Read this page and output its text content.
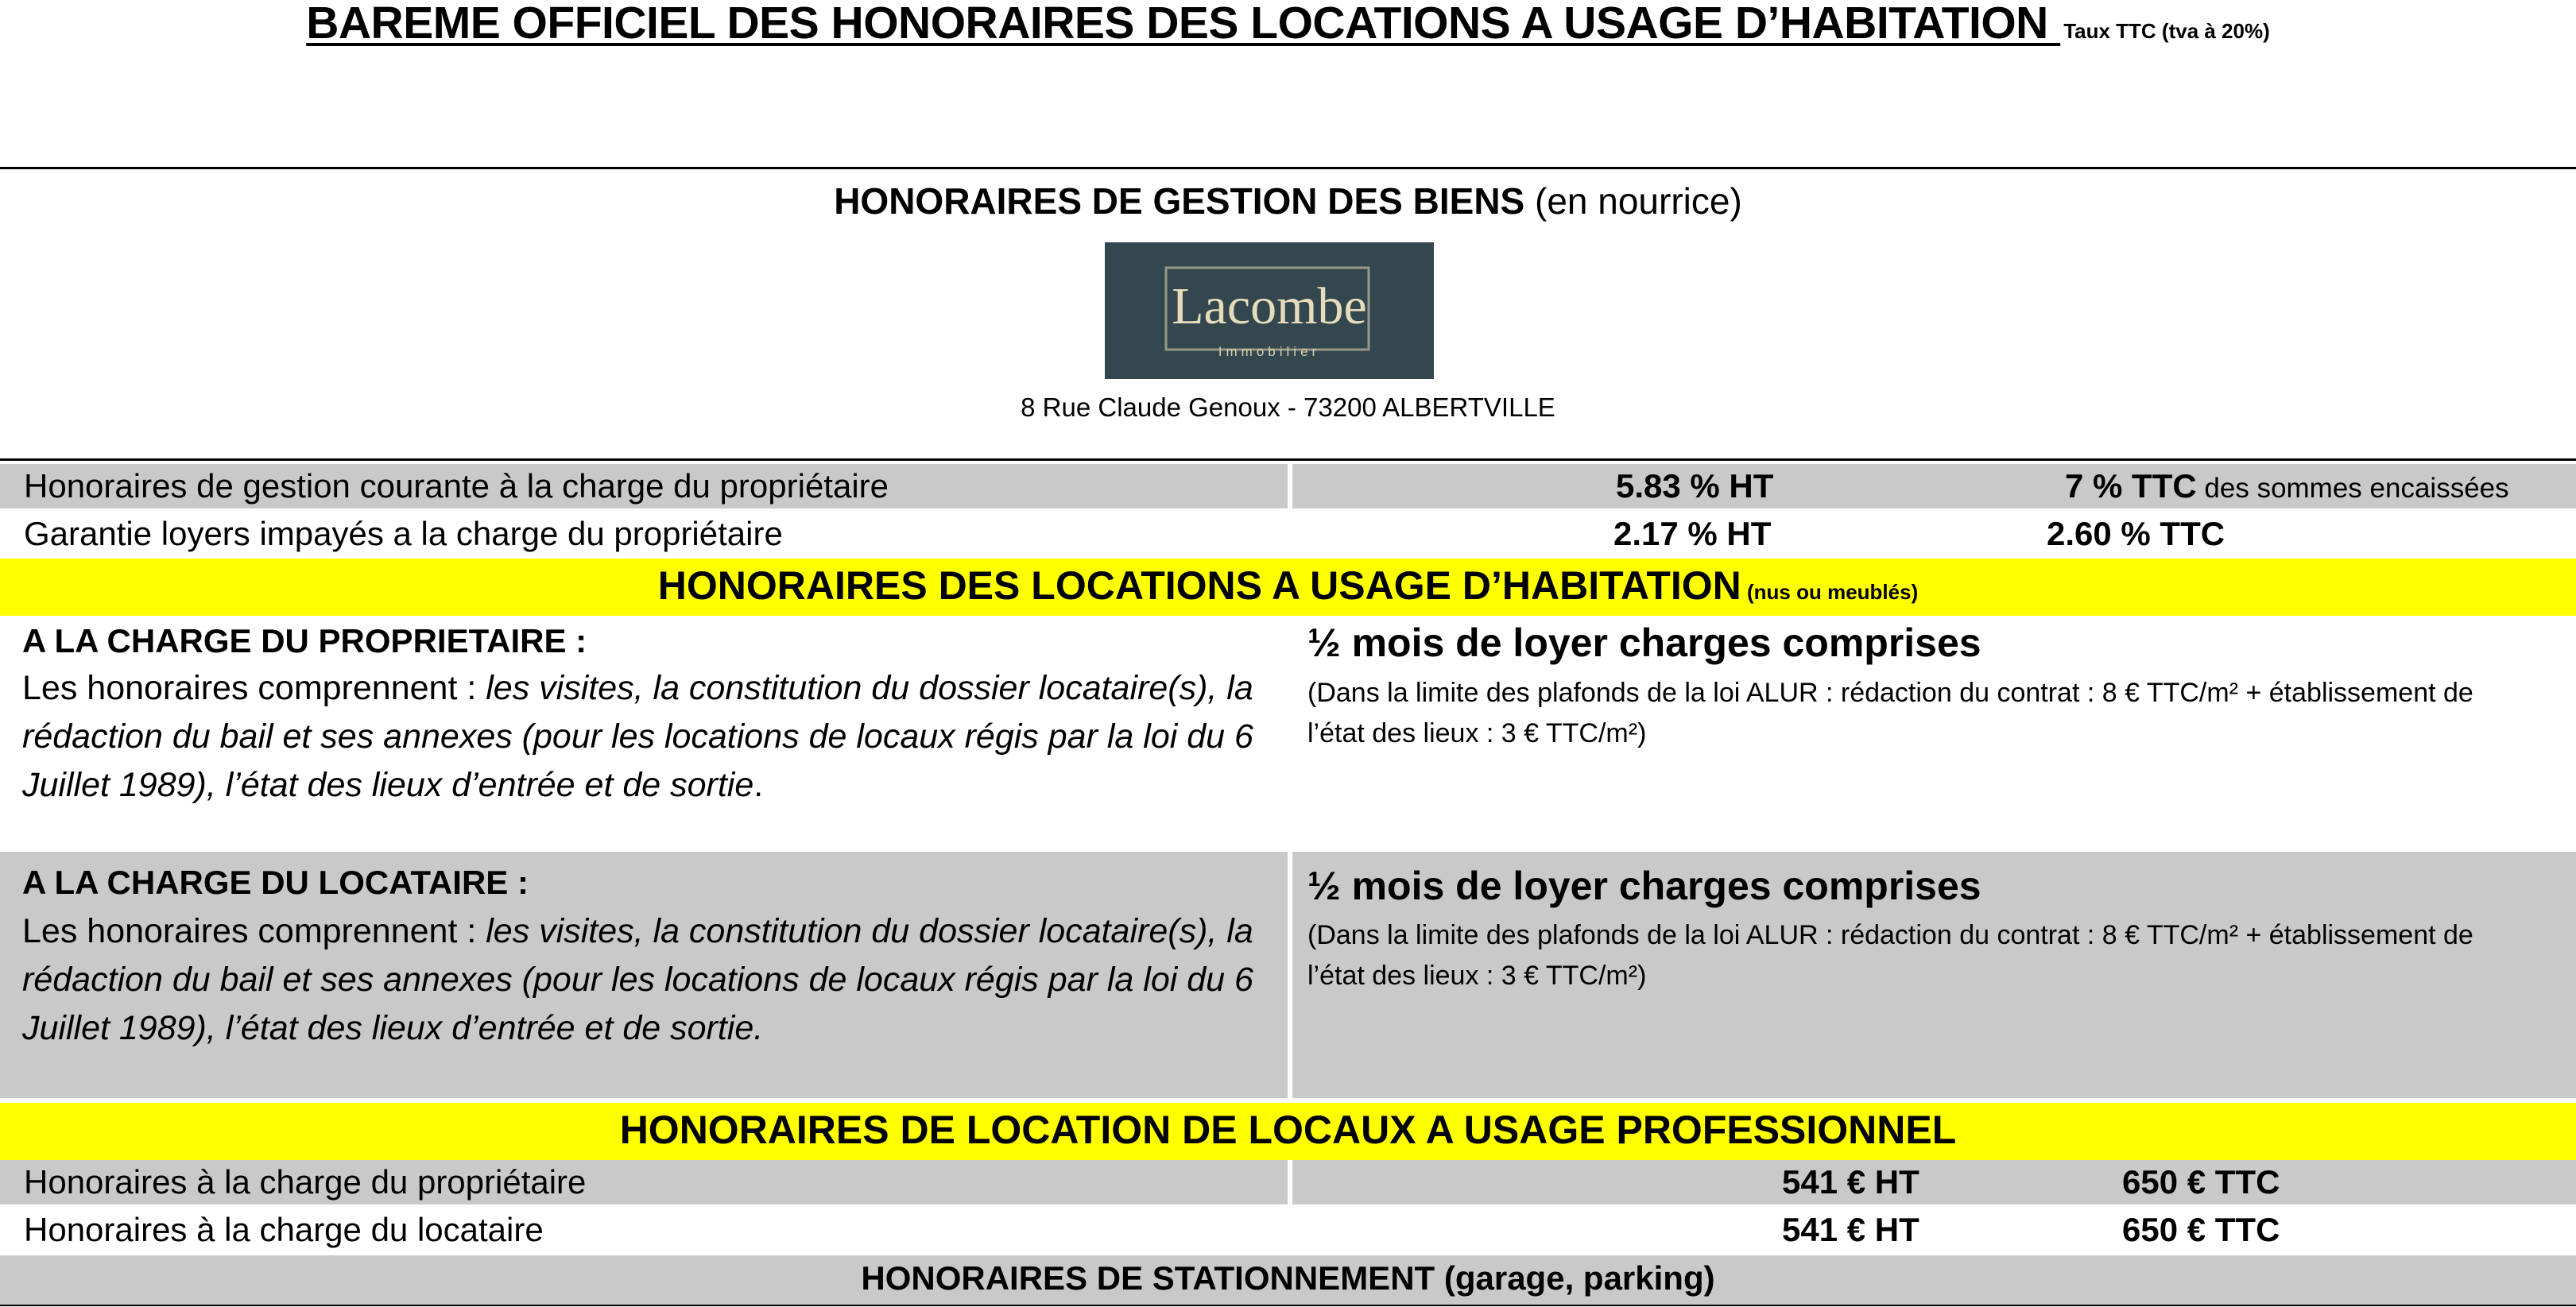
BAREME OFFICIEL DES HONORAIRES DES LOCATIONS A USAGE D’HABITATION Taux TTC (tva à 20%)
HONORAIRES DE GESTION DES BIENS (en nourrice)
Lacombe
Immobilier
8 Rue Claude Genoux - 73200 ALBERTVILLE
Honoraires de gestion courante à la charge du propriétaire	5.83 % HT	7 % TTC des sommes encaissées
Garantie loyers impayés a la charge du propriétaire	2.17 % HT	2.60 % TTC
HONORAIRES DES LOCATIONS A USAGE D’HABITATION (nus ou meublés)
A LA CHARGE DU PROPRIETAIRE :
Les honoraires comprennent : les visites, la constitution du dossier locataire(s), la rédaction du bail et ses annexes (pour les locations de locaux régis par la loi du 6 Juillet 1989), l’état des lieux d’entrée et de sortie.
½ mois de loyer charges comprises
(Dans la limite des plafonds de la loi ALUR : rédaction du contrat : 8 € TTC/m² + établissement de l’état des lieux : 3 € TTC/m²)
A LA CHARGE DU LOCATAIRE :
Les honoraires comprennent : les visites, la constitution du dossier locataire(s), la rédaction du bail et ses annexes (pour les locations de locaux régis par la loi du 6 Juillet 1989), l’état des lieux d’entrée et de sortie.
½ mois de loyer charges comprises
(Dans la limite des plafonds de la loi ALUR : rédaction du contrat : 8 € TTC/m² + établissement de l’état des lieux : 3 € TTC/m²)
HONORAIRES DE LOCATION DE LOCAUX A USAGE PROFESSIONNEL
Honoraires à la charge du propriétaire	541 € HT	650 € TTC
Honoraires à la charge du locataire	541 € HT	650 € TTC
HONORAIRES DE STATIONNEMENT (garage, parking)
